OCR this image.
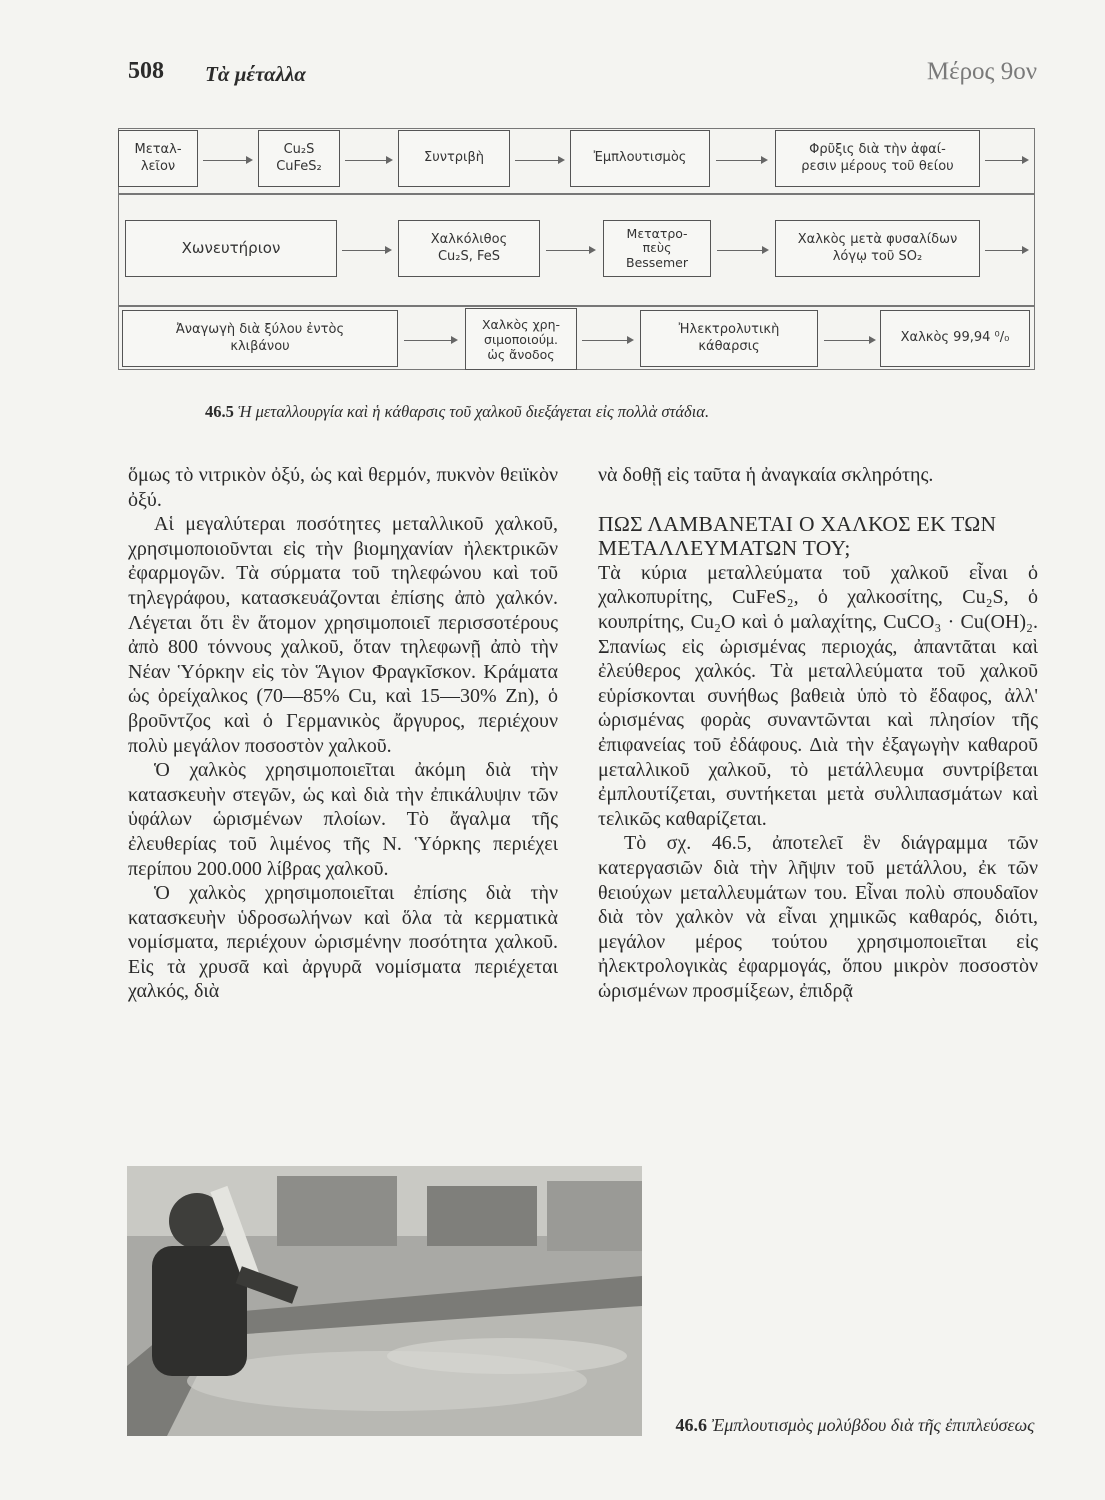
508 Τὰ μέταλλα	Μέρος 9ον
Μεταλ-
λεῖον
Cu₂S
CuFeS₂
Συντριβὴ	Ἐμπλουτισμὸς
Φρῦξις διὰ τὴν ἀφαί-
ρεσιν μέρους τοῦ θείου
Χωνευτήριον	Χαλκόλιθος
Cu₂S, FeS
Μετατρο-
πεὺς
Bessemer
Χαλκὸς μετὰ φυσαλίδων
λόγῳ τοῦ SO₂
Ἀναγωγὴ διὰ ξύλου ἐντὸς
κλιβάνου
Χαλκὸς χρη-
σιμοποιούμ.
ὡς ἄνοδος
Ἠλεκτρολυτικὴ
κάθαρσις
Χαλκὸς 99,94 ⁰/₀
46.5 Ἡ μεταλλουργία καὶ ἡ κάθαρσις τοῦ χαλκοῦ διεξάγεται εἰς πολλὰ στάδια.

ὅμως τὸ νιτρικὸν ὀξύ, ὡς καὶ θερμόν, πυκνὸν θειϊκὸν ὀξύ.

Αἱ μεγαλύτεραι ποσότητες μεταλλικοῦ χαλκοῦ, χρησιμοποιοῦνται εἰς τὴν βιομηχανίαν ἠλεκτρικῶν ἐφαρμογῶν. Τὰ σύρματα τοῦ τηλεφώνου καὶ τοῦ τηλεγράφου, κατασκευάζονται ἐπίσης ἀπὸ χαλκόν. Λέγεται ὅτι ἓν ἄτομον χρησιμοποιεῖ περισσοτέρους ἀπὸ 800 τόννους χαλκοῦ, ὅταν τηλεφωνῇ ἀπὸ τὴν Νέαν Ὑόρκην εἰς τὸν Ἅγιον Φραγκῖσκον. Κράματα ὡς ὀρείχαλκος (70—85% Cu, καὶ 15—30% Zn), ὁ βροῦντζος καὶ ὁ Γερμανικὸς ἄργυρος, περιέχουν πολὺ μεγάλον ποσοστὸν χαλκοῦ.

Ὁ χαλκὸς χρησιμοποιεῖται ἀκόμη διὰ τὴν κατασκευὴν στεγῶν, ὡς καὶ διὰ τὴν ἐπικάλυψιν τῶν ὑφάλων ὡρισμένων πλοίων. Τὸ ἄγαλμα τῆς ἐλευθερίας τοῦ λιμένος τῆς Ν. Ὑόρκης περιέχει περίπου 200.000 λίβρας χαλκοῦ.

Ὁ χαλκὸς χρησιμοποιεῖται ἐπίσης διὰ τὴν κατασκευὴν ὑδροσωλήνων καὶ ὅλα τὰ κερματικὰ νομίσματα, περιέχουν ὡρισμένην ποσότητα χαλκοῦ. Εἰς τὰ χρυσᾶ καὶ ἀργυρᾶ νομίσματα περιέχεται χαλκός, διὰ

νὰ δοθῇ εἰς ταῦτα ἡ ἀναγκαία σκληρότης.

ΠΩΣ ΛΑΜΒΑΝΕΤΑΙ Ο ΧΑΛΚΟΣ ΕΚ ΤΩΝ ΜΕΤΑΛΛΕΥΜΑΤΩΝ ΤΟΥ;

Τὰ κύρια μεταλλεύματα τοῦ χαλκοῦ εἶναι ὁ χαλκοπυρίτης, CuFeS₂, ὁ χαλκοσίτης, Cu₂S, ὁ κουπρίτης, Cu₂O καὶ ὁ μαλαχίτης, CuCO₃ · Cu(OH)₂. Σπανίως εἰς ὡρισμένας περιοχάς, ἀπαντᾶται καὶ ἐλεύθερος χαλκός. Τὰ μεταλλεύματα τοῦ χαλκοῦ εὑρίσκονται συνήθως βαθειὰ ὑπὸ τὸ ἔδαφος, ἀλλ' ὡρισμένας φορὰς συναντῶνται καὶ πλησίον τῆς ἐπιφανείας τοῦ ἐδάφους. Διὰ τὴν ἐξαγωγὴν καθαροῦ μεταλλικοῦ χαλκοῦ, τὸ μετάλλευμα συντρίβεται ἐμπλουτίζεται, συντήκεται μετὰ συλλιπασμάτων καὶ τελικῶς καθαρίζεται.

Τὸ σχ. 46.5, ἀποτελεῖ ἓν διάγραμμα τῶν κατεργασιῶν διὰ τὴν λῆψιν τοῦ μετάλλου, ἐκ τῶν θειούχων μεταλλευμάτων του. Εἶναι πολὺ σπουδαῖον διὰ τὸν χαλκὸν νὰ εἶναι χημικῶς καθαρός, διότι, μεγάλον μέρος τούτου χρησιμοποιεῖται εἰς ἠλεκτρολογικὰς ἐφαρμογάς, ὅπου μικρὸν ποσοστὸν ὡρισμένων προσμίξεων, ἐπιδρᾷ

46.6 Ἐμπλουτισμὸς μολύβδου διὰ τῆς ἐπιπλεύσεως
